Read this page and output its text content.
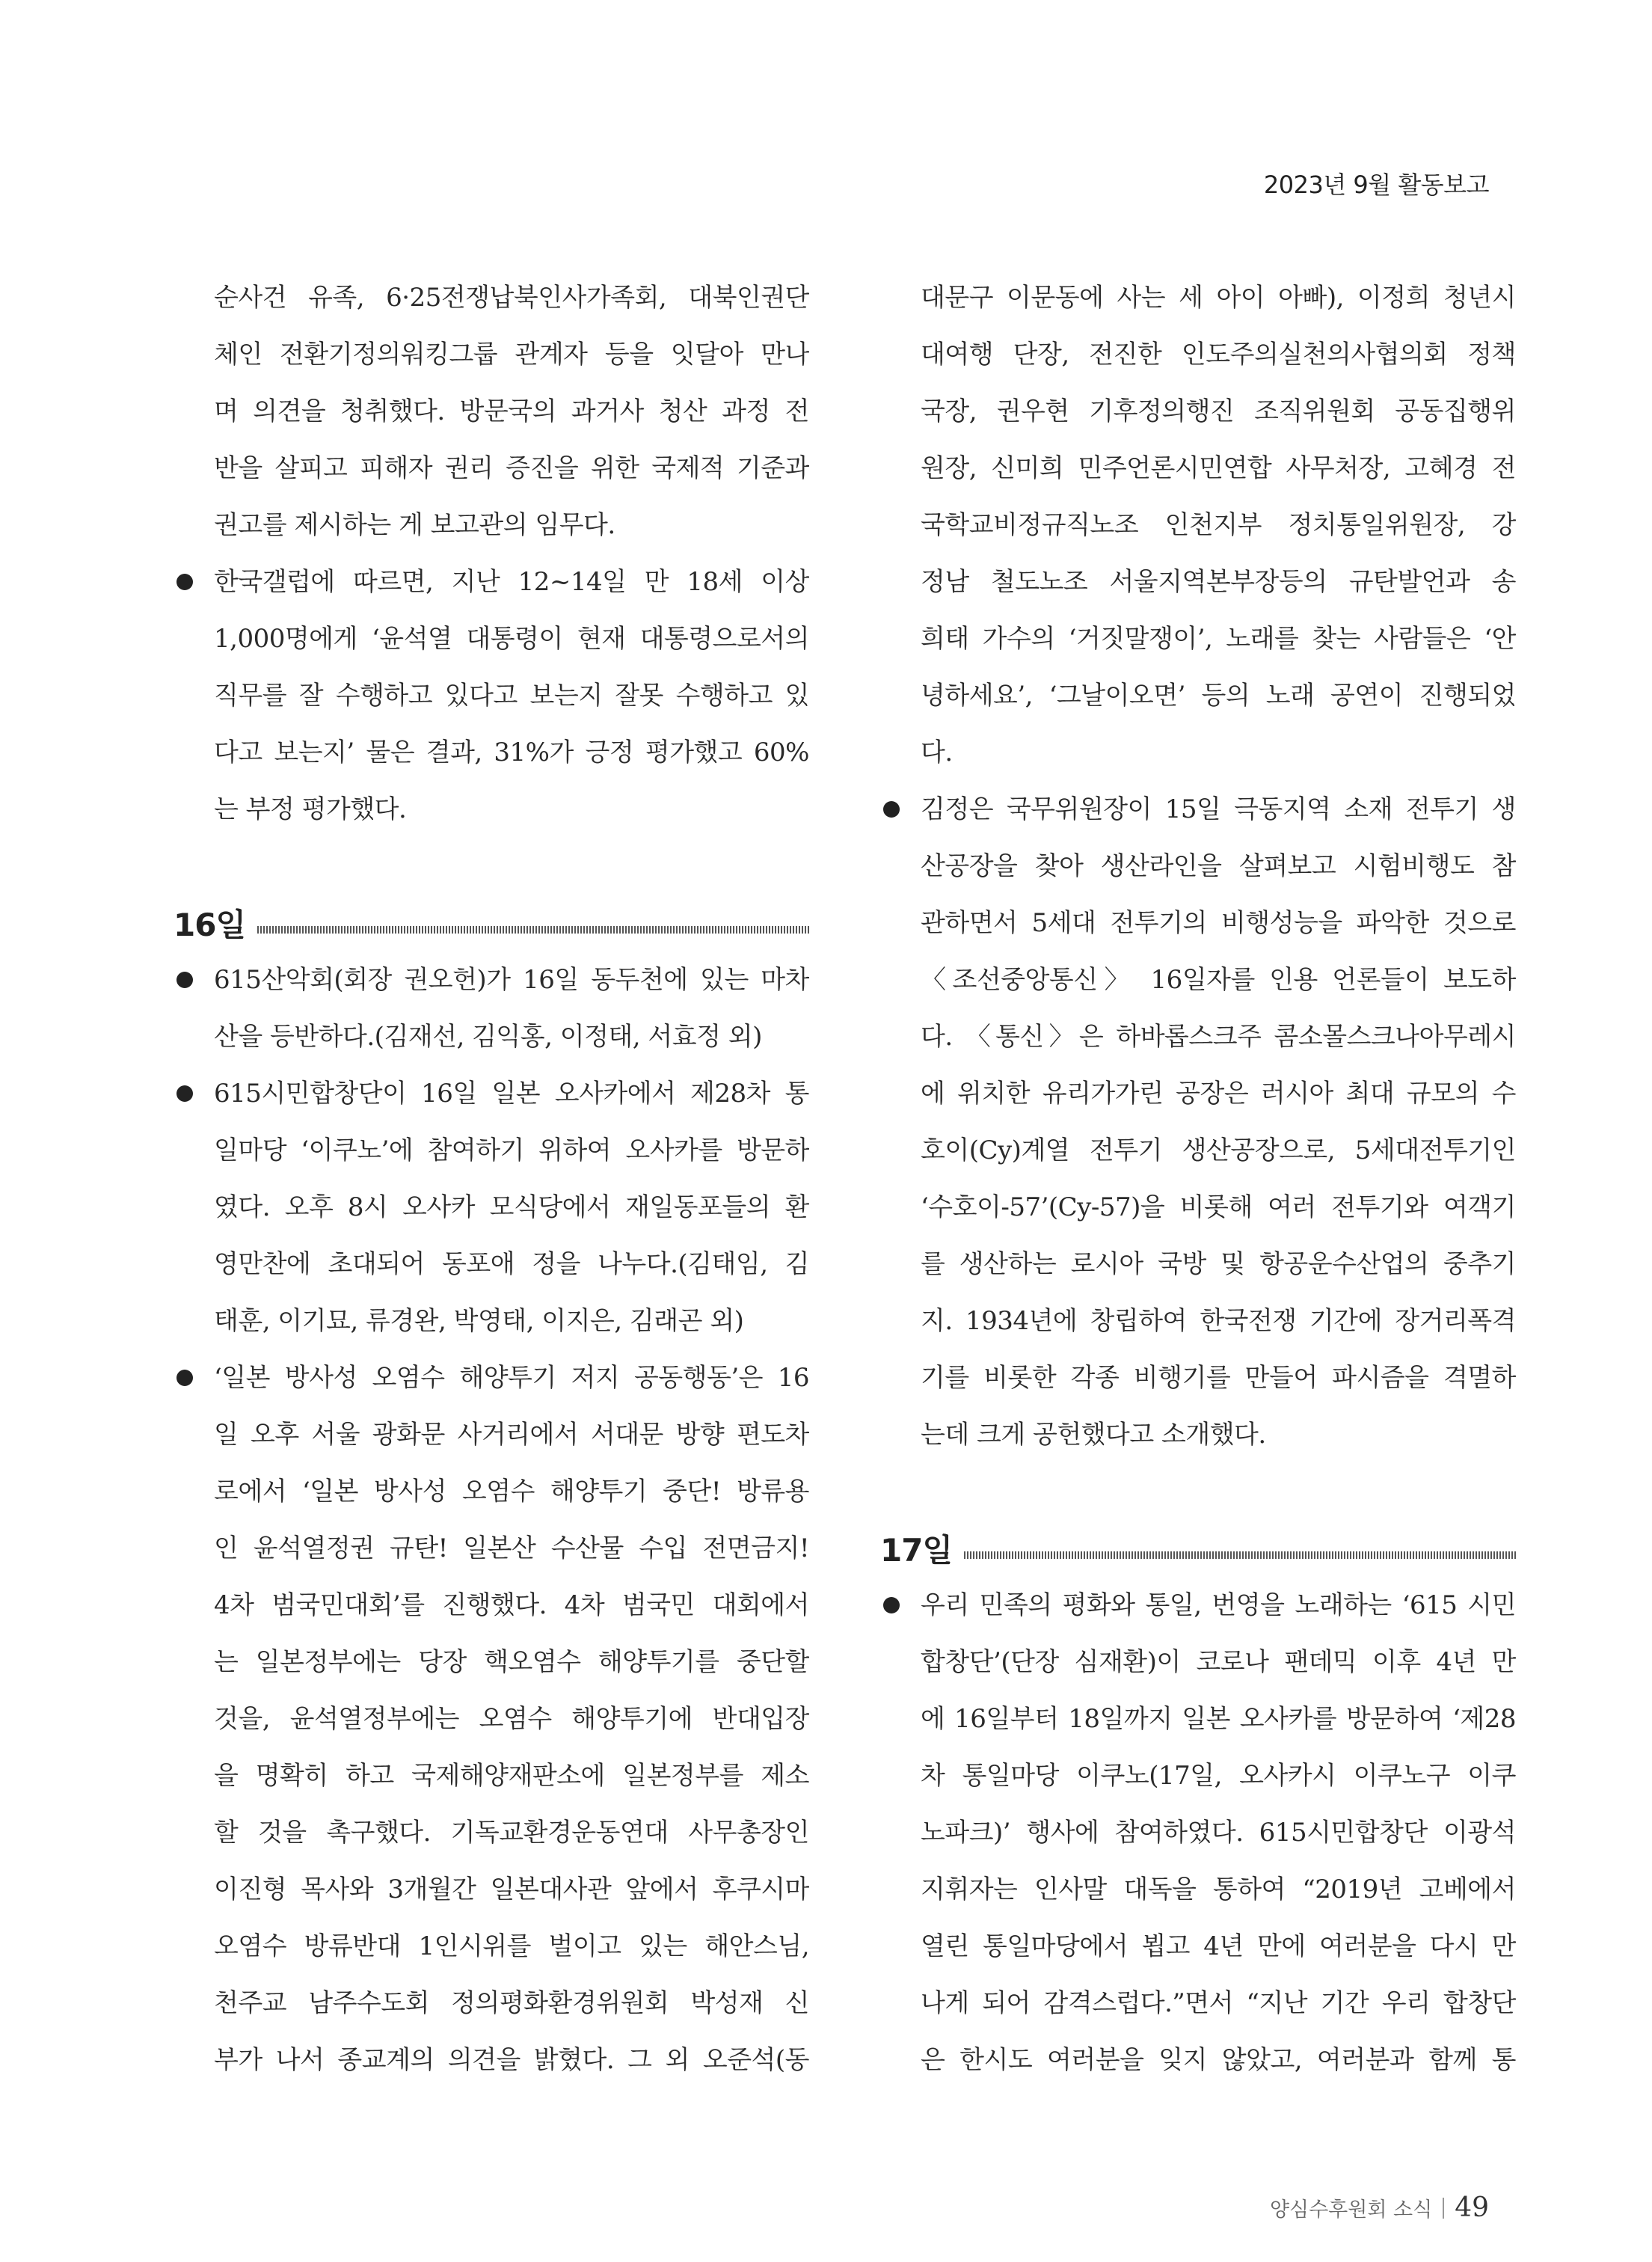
2023년 9월 활동보고
순사건 유족, 6·25전쟁납북인사가족회, 대북인권단
체인 전환기정의워킹그룹 관계자 등을 잇달아 만나
며 의견을 청취했다. 방문국의 과거사 청산 과정 전
반을 살피고 피해자 권리 증진을 위한 국제적 기준과
권고를 제시하는 게 보고관의 임무다.
한국갤럽에 따르면, 지난 12~14일 만 18세 이상
1,000명에게 ‘윤석열 대통령이 현재 대통령으로서의
직무를 잘 수행하고 있다고 보는지 잘못 수행하고 있
다고 보는지’ 물은 결과, 31%가 긍정 평가했고 60%
는 부정 평가했다.
16일
615산악회(회장 권오헌)가 16일 동두천에 있는 마차
산을 등반하다.(김재선, 김익홍, 이정태, 서효정 외)
615시민합창단이 16일 일본 오사카에서 제28차 통
일마당 ‘이쿠노’에 참여하기 위하여 오사카를 방문하
였다. 오후 8시 오사카 모식당에서 재일동포들의 환
영만찬에 초대되어 동포애 정을 나누다.(김태임, 김
태훈, 이기묘, 류경완, 박영태, 이지은, 김래곤 외)
‘일본 방사성 오염수 해양투기 저지 공동행동’은 16
일 오후 서울 광화문 사거리에서 서대문 방향 편도차
로에서 ‘일본 방사성 오염수 해양투기 중단! 방류용
인 윤석열정권 규탄! 일본산 수산물 수입 전면금지!
4차 범국민대회’를 진행했다. 4차 범국민 대회에서
는 일본정부에는 당장 핵오염수 해양투기를 중단할
것을, 윤석열정부에는 오염수 해양투기에 반대입장
을 명확히 하고 국제해양재판소에 일본정부를 제소
할 것을 촉구했다. 기독교환경운동연대 사무총장인
이진형 목사와 3개월간 일본대사관 앞에서 후쿠시마
오염수 방류반대 1인시위를 벌이고 있는 해안스님,
천주교 남주수도회 정의평화환경위원회 박성재 신
부가 나서 종교계의 의견을 밝혔다. 그 외 오준석(동
대문구 이문동에 사는 세 아이 아빠), 이정희 청년시
대여행 단장, 전진한 인도주의실천의사협의회 정책
국장, 권우현 기후정의행진 조직위원회 공동집행위
원장, 신미희 민주언론시민연합 사무처장, 고혜경 전
국학교비정규직노조 인천지부 정치통일위원장, 강
정남 철도노조 서울지역본부장등의 규탄발언과 송
희태 가수의 ‘거짓말쟁이’, 노래를 찾는 사람들은 ‘안
녕하세요’, ‘그날이오면’ 등의 노래 공연이 진행되었
다.
김정은 국무위원장이 15일 극동지역 소재 전투기 생
산공장을 찾아 생산라인을 살펴보고 시험비행도 참
관하면서 5세대 전투기의 비행성능을 파악한 것으로
〈조선중앙통신〉 16일자를 인용 언론들이 보도하
다. 〈통신〉은 하바롭스크주 콤소몰스크나아무레시
에 위치한 유리가가린 공장은 러시아 최대 규모의 수
호이(Cy)계열 전투기 생산공장으로, 5세대전투기인
‘수호이-57’(Cy-57)을 비롯해 여러 전투기와 여객기
를 생산하는 로시아 국방 및 항공운수산업의 중추기
지. 1934년에 창립하여 한국전쟁 기간에 장거리폭격
기를 비롯한 각종 비행기를 만들어 파시즘을 격멸하
는데 크게 공헌했다고 소개했다.
17일
우리 민족의 평화와 통일, 번영을 노래하는 ‘615 시민
합창단’(단장 심재환)이 코로나 팬데믹 이후 4년 만
에 16일부터 18일까지 일본 오사카를 방문하여 ‘제28
차 통일마당 이쿠노(17일, 오사카시 이쿠노구 이쿠
노파크)’ 행사에 참여하였다. 615시민합창단 이광석
지휘자는 인사말 대독을 통하여 “2019년 고베에서
열린 통일마당에서 뵙고 4년 만에 여러분을 다시 만
나게 되어 감격스럽다.”면서 “지난 기간 우리 합창단
은 한시도 여러분을 잊지 않았고, 여러분과 함께 통
양심수후원회 소식 49
